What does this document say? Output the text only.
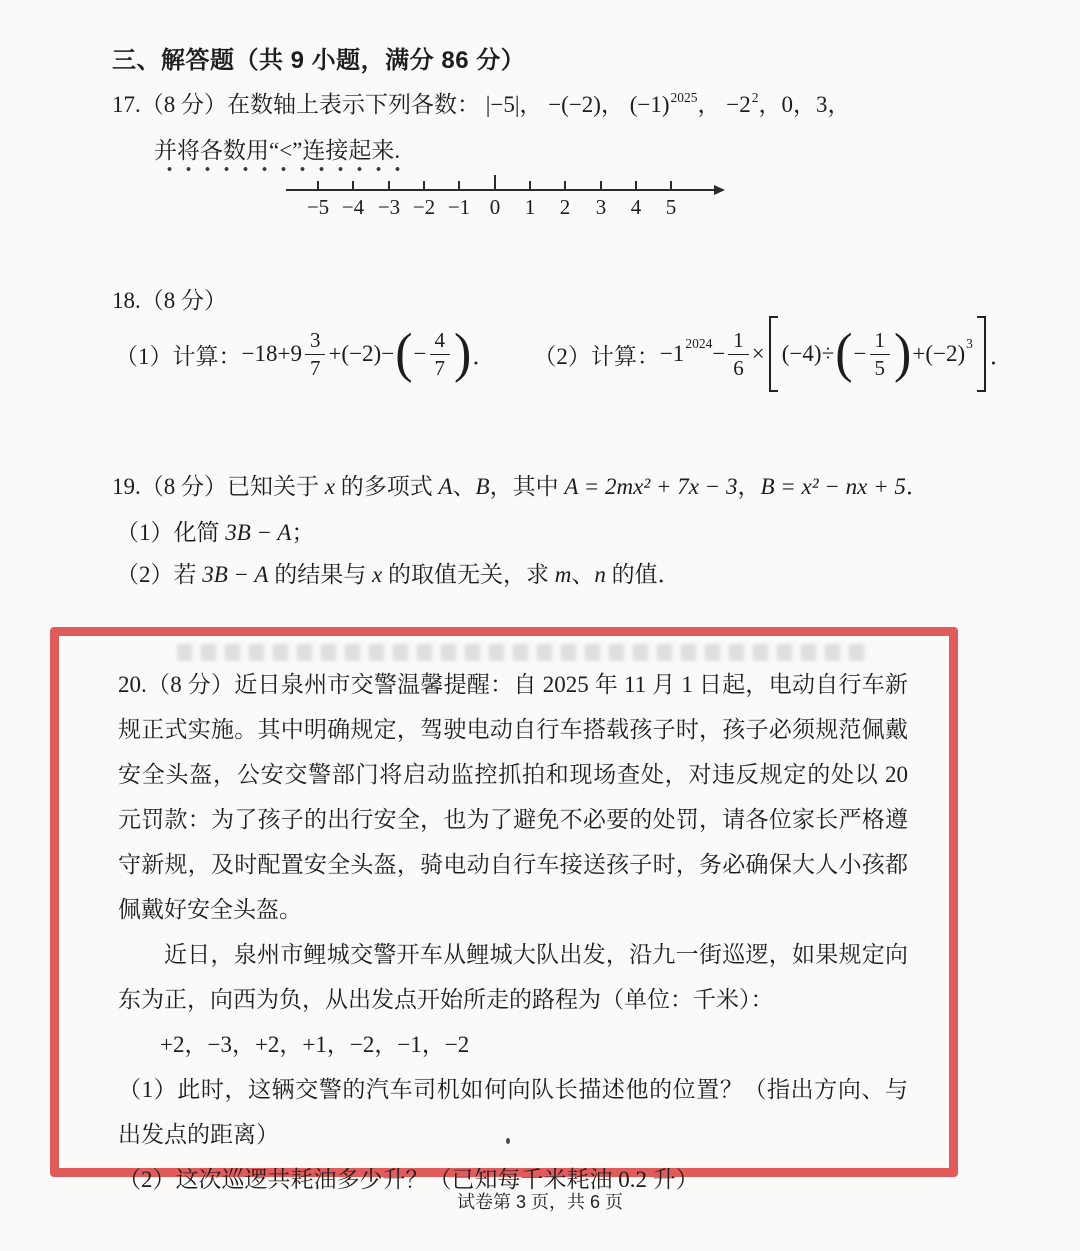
三、解答题（共 9 小题，满分 86 分）
17.（8 分）在数轴上表示下列各数： |−5|， −(−2)， $(-1)^{2025}$， $-2^2$，0，3，
并将各数用“<”连接起来.
−5 −4 −3 −2 −1 0 1 2 3 4 5
18.（8 分）
（1）计算： $-18+9 \frac{3}{7} +(-2)-$ ( − $\frac{4}{7}$ ) ． （2）计算： −1 $2024 - \frac{1}{6} \times (-4)\div$ ( − $\frac{1}{5}$ ) +(−2) 3 ．
19.（8 分）已知关于 x 的多项式 A、B，其中 A = 2mx² + 7x − 3，B = x² − nx + 5．
（1）化简 3B − A；
（2）若 3B − A 的结果与 x 的取值无关，求 m、n 的值．

20.（8 分）近日泉州市交警温馨提醒：自 2025 年 11 月 1 日起，电动自行车新规正式实施。其中明确规定，驾驶电动自行车搭载孩子时，孩子必须规范佩戴安全头盔，公安交警部门将启动监控抓拍和现场查处，对违反规定的处以 20 元罚款：为了孩子的出行安全，也为了避免不必要的处罚，请各位家长严格遵守新规，及时配置安全头盔，骑电动自行车接送孩子时，务必确保大人小孩都佩戴好安全头盔。

近日，泉州市鲤城交警开车从鲤城大队出发，沿九一街巡逻，如果规定向东为正，向西为负，从出发点开始所走的路程为（单位：千米）：

+2，−3，+2，+1，−2，−1，−2

（1）此时，这辆交警的汽车司机如何向队长描述他的位置？（指出方向、与出发点的距离）

（2）这次巡逻共耗油多少升？（已知每千米耗油 0.2 升）

试卷第 3 页，共 6 页
